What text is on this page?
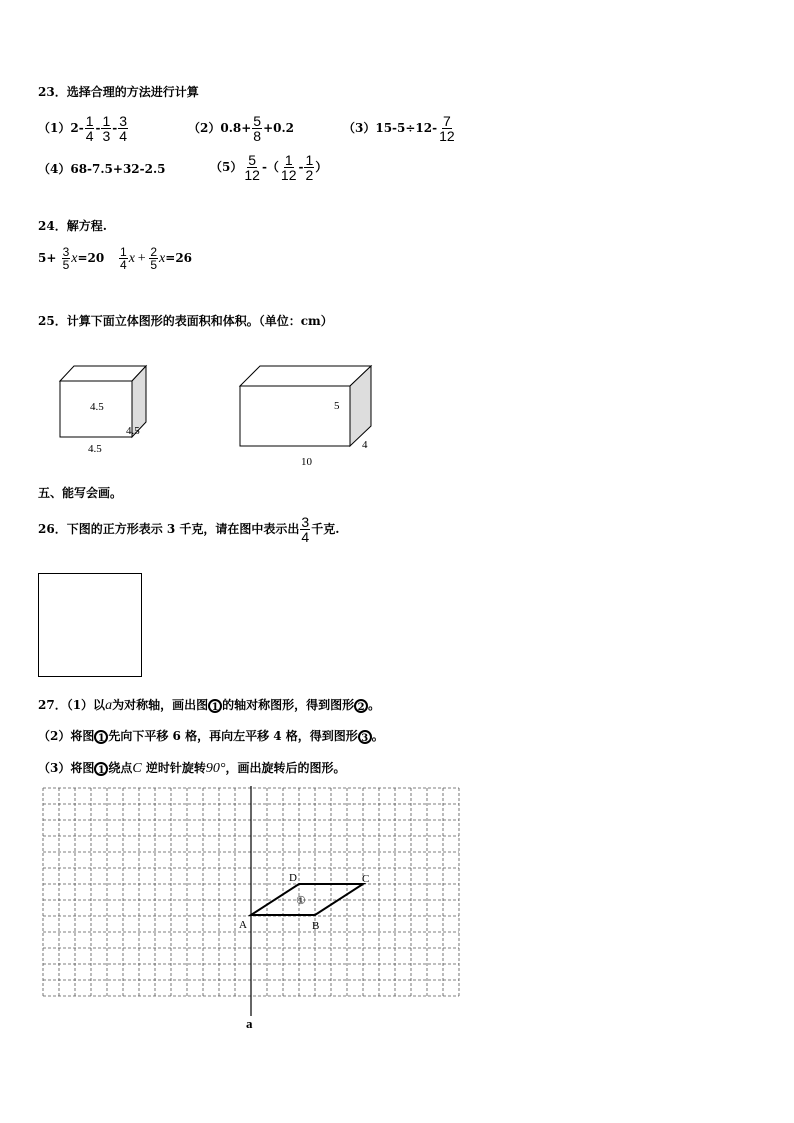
23．选择合理的方法进行计算
$(1)2- \frac{1}{4} - \frac{1}{3} - \frac{3}{4}$	$(2)0.8+ \frac{5}{8} +0.2$	$(3)15-5\div 12- \frac{7}{12}$
（4）68-7.5+32-2.5	$(5) \frac{5}{12}$ -（ $\frac{1}{12} - \frac{1}{2}$ ）
24．解方程.
$5+ \frac{3}{5} x=20 \frac{1}{4}$ $x + \frac{2}{5} x=26$
25．计算下面立体图形的表面积和体积。（单位：cm）
4.5
4.5
4.5
5
4
10
五、能写会画。
26．下图的正方形表示 3 千克，请在图中表示出 $\frac{3}{4}$ 千克.
27．（1）以a为对称轴，画出图 1 的轴对称图形，得到图形 2 。
（2）将图 1 先向下平移 6 格，再向左平移 4 格，得到图形 3 。
（3）将图 1 绕点C 逆时针旋转90°，画出旋转后的图形。
①
A	B
C
D
a
